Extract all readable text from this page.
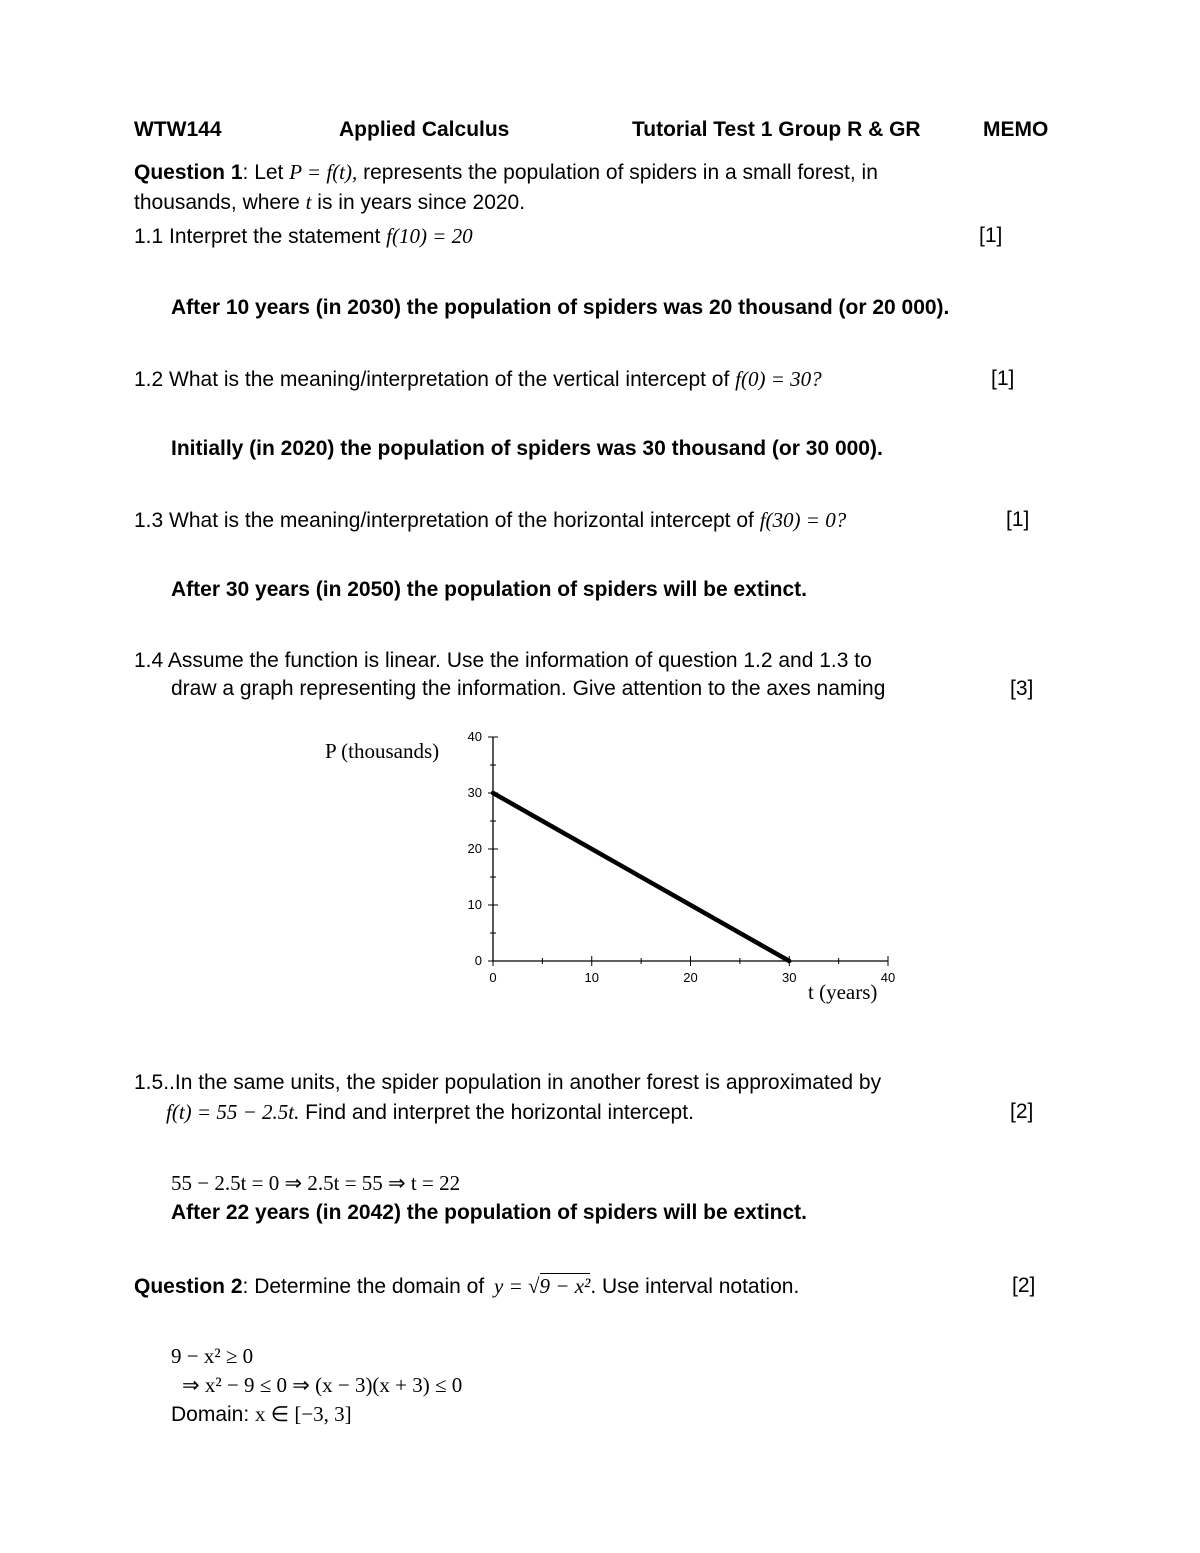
WTW144	Applied Calculus	Tutorial Test 1 Group R & GR	MEMO
Question 1: Let P = f(t), represents the population of spiders in a small forest, in
thousands, where t is in years since 2020.
1.1 Interpret the statement f(10) = 20	[1]
After 10 years (in 2030) the population of spiders was 20 thousand (or 20 000).
1.2 What is the meaning/interpretation of the vertical intercept of f(0) = 30?	[1]
Initially (in 2020) the population of spiders was 30 thousand (or 30 000).
1.3 What is the meaning/interpretation of the horizontal intercept of f(30) = 0?	[1]
After 30 years (in 2050) the population of spiders will be extinct.
1.4 Assume the function is linear. Use the information of question 1.2 and 1.3 to
draw a graph representing the information. Give attention to the axes naming	[3]
0	10	20	30	40
0
10
20
30
40
P (thousands)
t (years)
1.5..In the same units, the spider population in another forest is approximated by
f(t) = 55 − 2.5t. Find and interpret the horizontal intercept.	[2]
55 − 2.5t = 0 ⇒ 2.5t = 55 ⇒ t = 22
After 22 years (in 2042) the population of spiders will be extinct.
Question 2: Determine the domain of y = √9 − x². Use interval notation.	[2]
9 − x² ≥ 0
⇒ x² − 9 ≤ 0 ⇒ (x − 3)(x + 3) ≤ 0
Domain: x ∈ [−3, 3]
